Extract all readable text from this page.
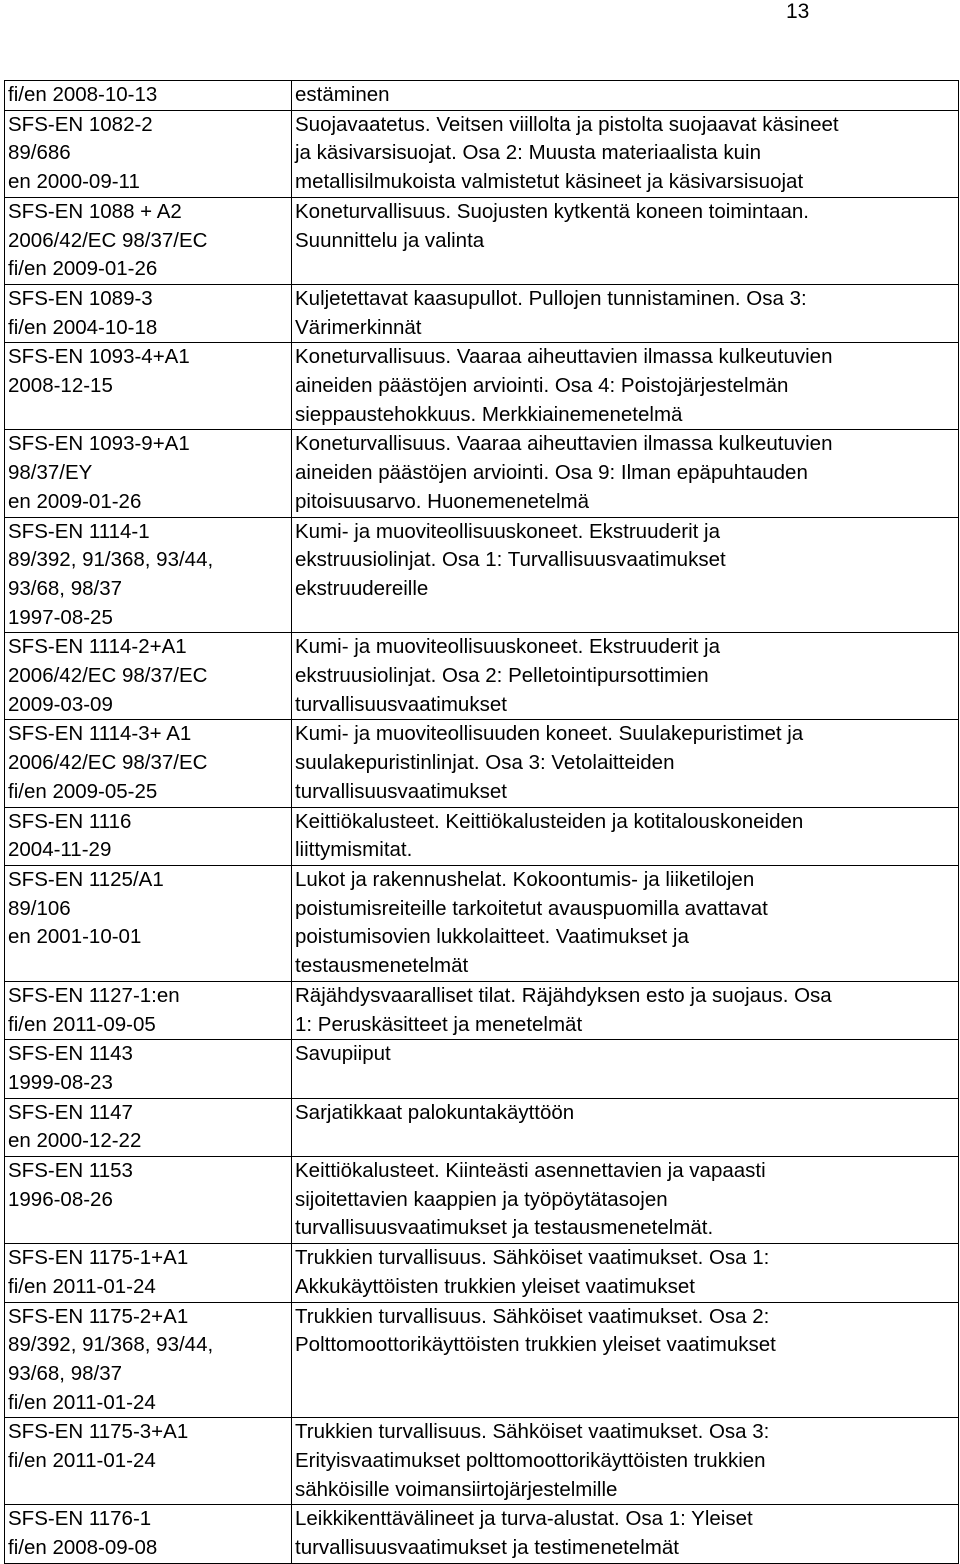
13
fi/en 2008-10-13	estäminen

SFS-EN 1082-2
89/686
en 2000-09-11	Suojavaatetus. Veitsen viillolta ja pistolta suojaavat käsineet
ja käsivarsisuojat. Osa 2: Muusta materiaalista kuin
metallisilmukoista valmistetut käsineet ja käsivarsisuojat

SFS-EN 1088 + A2
2006/42/EC 98/37/EC
fi/en 2009-01-26	Koneturvallisuus. Suojusten kytkentä koneen toimintaan.
Suunnittelu ja valinta

SFS-EN 1089-3
fi/en 2004-10-18	Kuljetettavat kaasupullot. Pullojen tunnistaminen. Osa 3:
Värimerkinnät

SFS-EN 1093-4+A1
2008-12-15	Koneturvallisuus. Vaaraa aiheuttavien ilmassa kulkeutuvien
aineiden päästöjen arviointi. Osa 4: Poistojärjestelmän
sieppaustehokkuus. Merkkiainemenetelmä

SFS-EN 1093-9+A1
98/37/EY
en 2009-01-26	Koneturvallisuus. Vaaraa aiheuttavien ilmassa kulkeutuvien
aineiden päästöjen arviointi. Osa 9: Ilman epäpuhtauden
pitoisuusarvo. Huonemenetelmä

SFS-EN 1114-1
89/392, 91/368, 93/44,
93/68, 98/37
1997-08-25	Kumi- ja muoviteollisuuskoneet. Ekstruuderit ja
ekstruusiolinjat. Osa 1: Turvallisuusvaatimukset
ekstruudereille

SFS-EN 1114-2+A1
2006/42/EC 98/37/EC
2009-03-09	Kumi- ja muoviteollisuuskoneet. Ekstruuderit ja
ekstruusiolinjat. Osa 2: Pelletointipursottimien
turvallisuusvaatimukset

SFS-EN 1114-3+ A1
2006/42/EC 98/37/EC
fi/en 2009-05-25	Kumi- ja muoviteollisuuden koneet. Suulakepuristimet ja
suulakepuristinlinjat. Osa 3: Vetolaitteiden
turvallisuusvaatimukset

SFS-EN 1116
2004-11-29	Keittiökalusteet. Keittiökalusteiden ja kotitalouskoneiden
liittymismitat.

SFS-EN 1125/A1
89/106
en 2001-10-01	Lukot ja rakennushelat. Kokoontumis- ja liiketilojen
poistumisreiteille tarkoitetut avauspuomilla avattavat
poistumisovien lukkolaitteet. Vaatimukset ja
testausmenetelmät

SFS-EN 1127-1:en
fi/en 2011-09-05	Räjähdysvaaralliset tilat. Räjähdyksen esto ja suojaus. Osa
1: Peruskäsitteet ja menetelmät

SFS-EN 1143
1999-08-23	Savupiiput

SFS-EN 1147
en 2000-12-22	Sarjatikkaat palokuntakäyttöön

SFS-EN 1153
1996-08-26	Keittiökalusteet. Kiinteästi asennettavien ja vapaasti
sijoitettavien kaappien ja työpöytätasojen
turvallisuusvaatimukset ja testausmenetelmät.

SFS-EN 1175-1+A1
fi/en 2011-01-24	Trukkien turvallisuus. Sähköiset vaatimukset. Osa 1:
Akkukäyttöisten trukkien yleiset vaatimukset

SFS-EN 1175-2+A1
89/392, 91/368, 93/44,
93/68, 98/37
fi/en 2011-01-24	Trukkien turvallisuus. Sähköiset vaatimukset. Osa 2:
Polttomoottorikäyttöisten trukkien yleiset vaatimukset

SFS-EN 1175-3+A1
fi/en 2011-01-24	Trukkien turvallisuus. Sähköiset vaatimukset. Osa 3:
Erityisvaatimukset polttomoottorikäyttöisten trukkien
sähköisille voimansiirtojärjestelmille

SFS-EN 1176-1
fi/en 2008-09-08	Leikkikenttävälineet ja turva-alustat. Osa 1: Yleiset
turvallisuusvaatimukset ja testimenetelmät
